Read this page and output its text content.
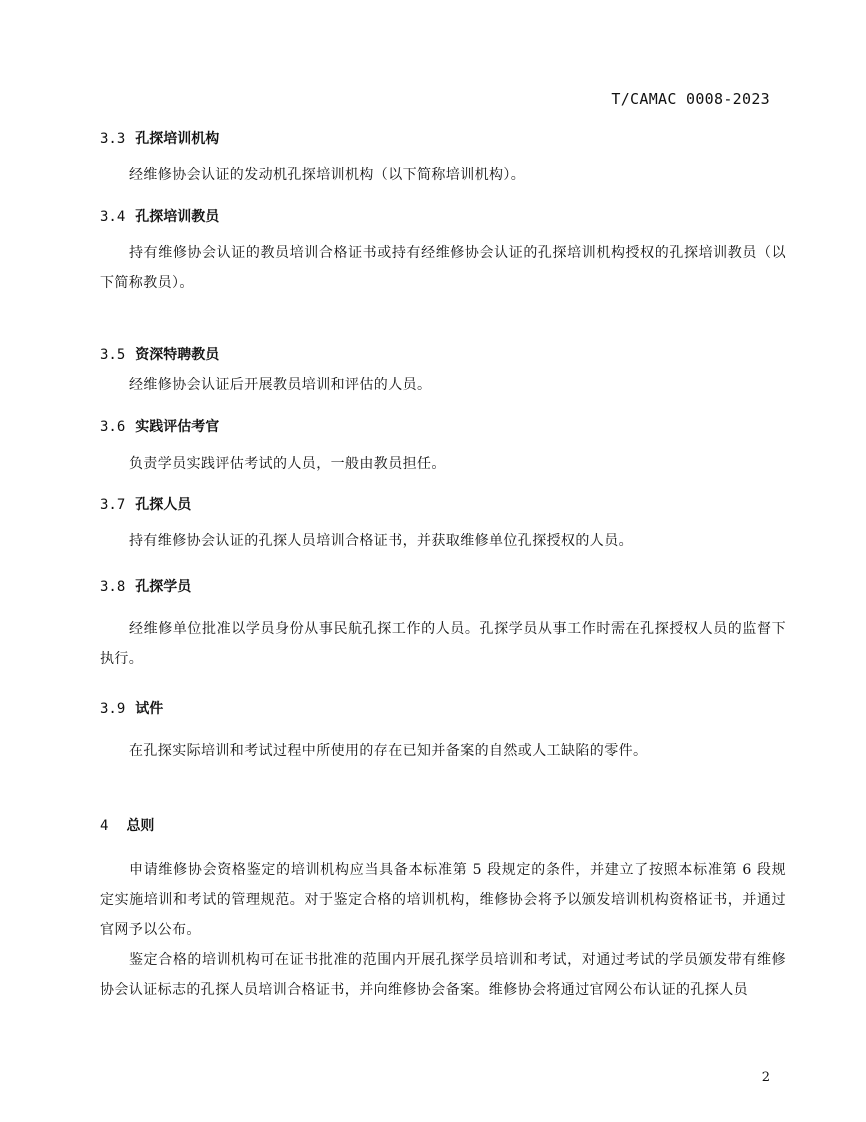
T/CAMAC 0008-2023
3.3 孔探培训机构
经维修协会认证的发动机孔探培训机构（以下简称培训机构）。
3.4 孔探培训教员
持有维修协会认证的教员培训合格证书或持有经维修协会认证的孔探培训机构授权的孔探培训教员（以下简称教员）。
3.5 资深特聘教员
经维修协会认证后开展教员培训和评估的人员。
3.6 实践评估考官
负责学员实践评估考试的人员，一般由教员担任。
3.7 孔探人员
持有维修协会认证的孔探人员培训合格证书，并获取维修单位孔探授权的人员。
3.8 孔探学员
经维修单位批准以学员身份从事民航孔探工作的人员。孔探学员从事工作时需在孔探授权人员的监督下执行。
3.9 试件
在孔探实际培训和考试过程中所使用的存在已知并备案的自然或人工缺陷的零件。
4 总则
申请维修协会资格鉴定的培训机构应当具备本标准第 5 段规定的条件，并建立了按照本标准第 6 段规定实施培训和考试的管理规范。对于鉴定合格的培训机构，维修协会将予以颁发培训机构资格证书，并通过官网予以公布。
鉴定合格的培训机构可在证书批准的范围内开展孔探学员培训和考试，对通过考试的学员颁发带有维修协会认证标志的孔探人员培训合格证书，并向维修协会备案。维修协会将通过官网公布认证的孔探人员
2
